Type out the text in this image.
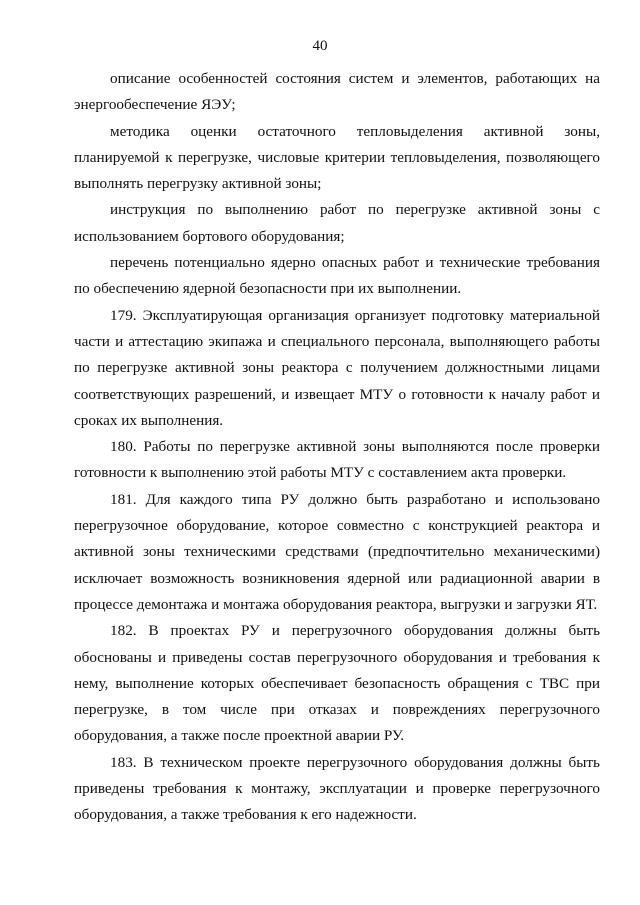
40

описание особенностей состояния систем и элементов, работающих на энергообеспечение ЯЭУ;

методика оценки остаточного тепловыделения активной зоны, планируемой к перегрузке, числовые критерии тепловыделения, позволяющего выполнять перегрузку активной зоны;

инструкция по выполнению работ по перегрузке активной зоны с использованием бортового оборудования;

перечень потенциально ядерно опасных работ и технические требования по обеспечению ядерной безопасности при их выполнении.

179. Эксплуатирующая организация организует подготовку материальной части и аттестацию экипажа и специального персонала, выполняющего работы по перегрузке активной зоны реактора с получением должностными лицами соответствующих разрешений, и извещает МТУ о готовности к началу работ и сроках их выполнения.

180. Работы по перегрузке активной зоны выполняются после проверки готовности к выполнению этой работы МТУ с составлением акта проверки.

181. Для каждого типа РУ должно быть разработано и использовано перегрузочное оборудование, которое совместно с конструкцией реактора и активной зоны техническими средствами (предпочтительно механическими) исключает возможность возникновения ядерной или радиационной аварии в процессе демонтажа и монтажа оборудования реактора, выгрузки и загрузки ЯТ.

182. В проектах РУ и перегрузочного оборудования должны быть обоснованы и приведены состав перегрузочного оборудования и требования к нему, выполнение которых обеспечивает безопасность обращения с ТВС при перегрузке, в том числе при отказах и повреждениях перегрузочного оборудования, а также после проектной аварии РУ.

183. В техническом проекте перегрузочного оборудования должны быть приведены требования к монтажу, эксплуатации и проверке перегрузочного оборудования, а также требования к его надежности.
